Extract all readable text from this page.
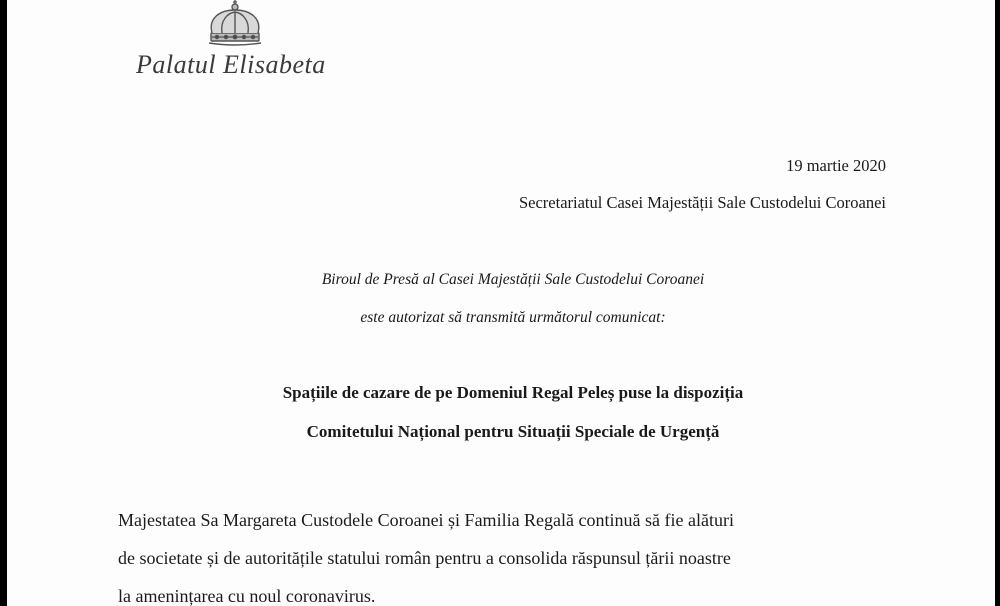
Palatul Elisabeta
19 martie 2020
Secretariatul Casei Majestății Sale Custodelui Coroanei
Biroul de Presă al Casei Majestății Sale Custodelui Coroanei
este autorizat să transmită următorul comunicat:
Spațiile de cazare de pe Domeniul Regal Peleș puse la dispoziția
Comitetului Național pentru Situații Speciale de Urgență
Majestatea Sa Margareta Custodele Coroanei și Familia Regală continuă să fie alături
de societate și de autoritățile statului român pentru a consolida răspunsul țării noastre
la amenințarea cu noul coronavirus.
